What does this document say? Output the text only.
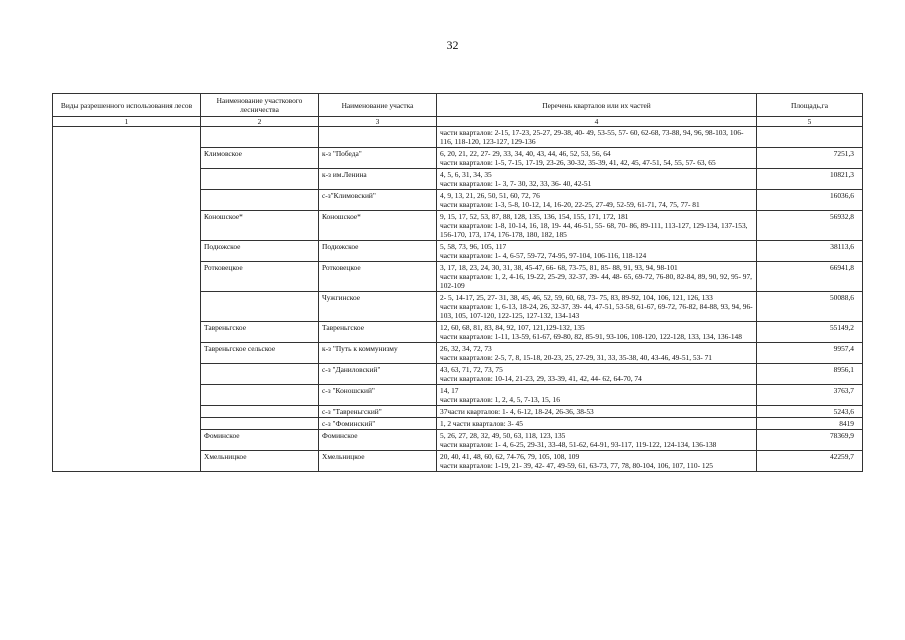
32
Виды разрешенного использования лесов	Наименование участкового лесничества	Наименование участка	Перечень кварталов или их частей	Площадь,га
1	2	3	4	5

			части кварталов: 2-15, 17-23, 25-27, 29-38, 40- 49, 53-55, 57- 60, 62-68, 73-88, 94, 96, 98-103, 106-116, 118-120, 123-127, 129-136	

	Климовское	к-з "Победа"	6, 20, 21, 22, 27- 29, 33, 34, 40, 43, 44, 46, 52, 53, 56, 64
части кварталов: 1-5, 7-15, 17-19, 23-26, 30-32, 35-39, 41, 42, 45, 47-51, 54, 55, 57- 63, 65	7251,3
		к-з им.Ленина	4, 5, 6, 31, 34, 35
части кварталов: 1- 3, 7- 30, 32, 33, 36- 40, 42-51	10821,3
		с-з"Климовский"	4, 9, 13, 21, 26, 50, 51, 60, 72, 76
части кварталов: 1-3, 5-8, 10-12, 14, 16-20, 22-25, 27-49, 52-59, 61-71, 74, 75, 77- 81	16036,6
	Коношское*	Коношское*	9, 15, 17, 52, 53, 87, 88, 128, 135, 136, 154, 155, 171, 172, 181
части кварталов: 1-8, 10-14, 16, 18, 19- 44, 46-51, 55- 68, 70- 86, 89-111, 113-127, 129-134, 137-153, 156-170, 173, 174, 176-178, 180, 182, 185	56932,8
	Подюжское	Подюжское	5, 58, 73, 96, 105, 117
части кварталов: 1- 4, 6-57, 59-72, 74-95, 97-104, 106-116, 118-124	38113,6
	Ротковецкое	Ротковецкое	3, 17, 18, 23, 24, 30, 31, 38, 45-47, 66- 68, 73-75, 81, 85- 88, 91, 93, 94, 98-101
части кварталов: 1, 2, 4-16, 19-22, 25-29, 32-37, 39- 44, 48- 65, 69-72, 76-80, 82-84, 89, 90, 92, 95- 97, 102-109	66941,8
		Чужгинское	2- 5, 14-17, 25, 27- 31, 38, 45, 46, 52, 59, 60, 68, 73- 75, 83, 89-92, 104, 106, 121, 126, 133
части кварталов: 1, 6-13, 18-24, 26, 32-37, 39- 44, 47-51, 53-58, 61-67, 69-72, 76-82, 84-88, 93, 94, 96-103, 105, 107-120, 122-125, 127-132, 134-143	50088,6
	Тавреньгское	Тавреньгское	12, 60, 68, 81, 83, 84, 92, 107, 121,129-132, 135
части кварталов: 1-11, 13-59, 61-67, 69-80, 82, 85-91, 93-106, 108-120, 122-128, 133, 134, 136-148	55149,2
	Тавреньгское сельское	к-з "Путь к коммунизму	26, 32, 34, 72, 73
части кварталов: 2-5, 7, 8, 15-18, 20-23, 25, 27-29, 31, 33, 35-38, 40, 43-46, 49-51, 53- 71	9957,4
		с-з "Даниловский"	43, 63, 71, 72, 73, 75
части кварталов: 10-14, 21-23, 29, 33-39, 41, 42, 44- 62, 64-70, 74	8956,1
		с-з "Коношский"	14, 17
части кварталов: 1, 2, 4, 5, 7-13, 15, 16	3763,7
		с-з "Тавреньгский"	37части кварталов: 1- 4, 6-12, 18-24, 26-36, 38-53	5243,6
		с-з "Фоминский"	1, 2 части кварталов: 3- 45	8419
	Фоминское	Фоминское	5, 26, 27, 28, 32, 49, 50, 63, 118, 123, 135
части кварталов: 1- 4, 6-25, 29-31, 33-48, 51-62, 64-91, 93-117, 119-122, 124-134, 136-138	78369,9
	Хмельницкое	Хмельницкое	20, 40, 41, 48, 60, 62, 74-76, 79, 105, 108, 109
части кварталов: 1-19, 21- 39, 42- 47, 49-59, 61, 63-73, 77, 78, 80-104, 106, 107, 110- 125	42259,7
